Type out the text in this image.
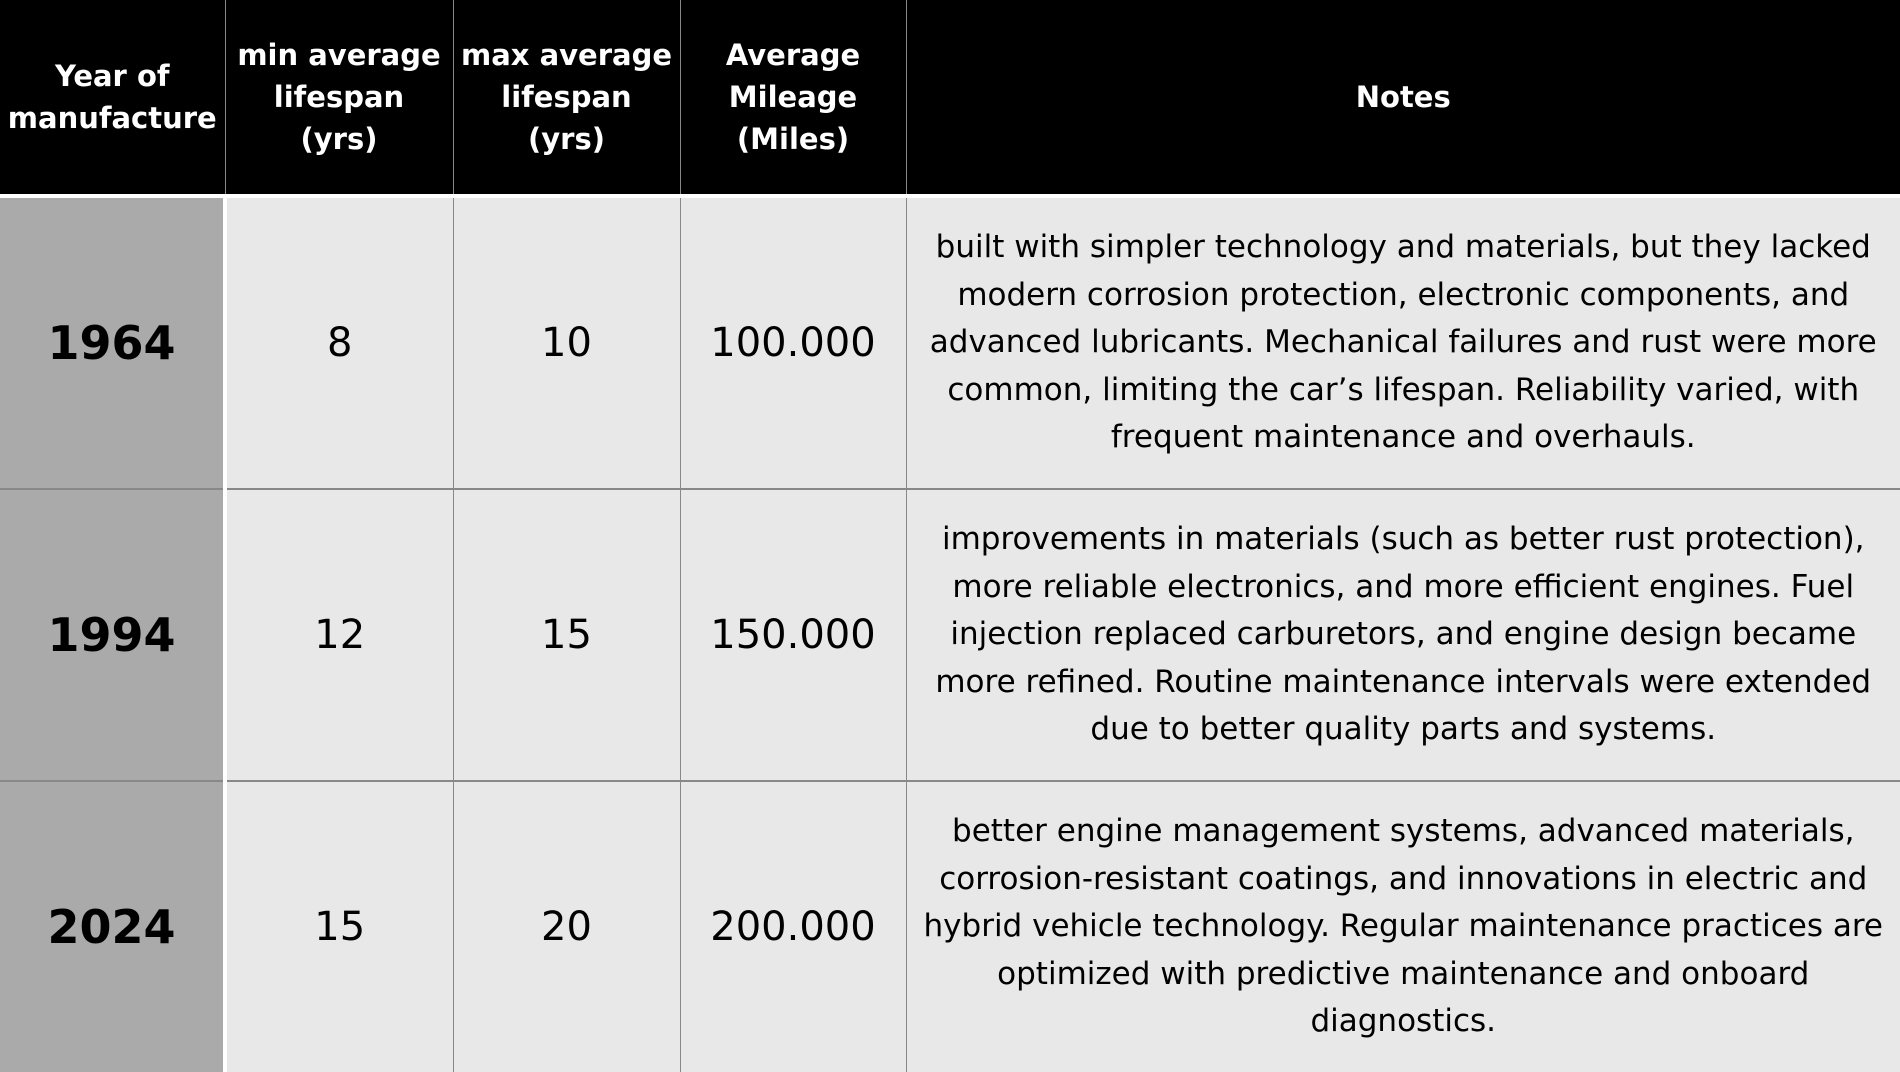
Year of manufacture	min average lifespan (yrs)	max average lifespan (yrs)	Average Mileage (Miles)	Notes
1964	8	10	100.000	built with simpler technology and materials, but they lacked modern corrosion protection, electronic components, and advanced lubricants. Mechanical failures and rust were more common, limiting the car’s lifespan. Reliability varied, with frequent maintenance and overhauls.
1994	12	15	150.000	improvements in materials (such as better rust protection), more reliable electronics, and more efficient engines. Fuel injection replaced carburetors, and engine design became more refined. Routine maintenance intervals were extended due to better quality parts and systems.
2024	15	20	200.000	better engine management systems, advanced materials, corrosion-resistant coatings, and innovations in electric and hybrid vehicle technology. Regular maintenance practices are optimized with predictive maintenance and onboard diagnostics.
